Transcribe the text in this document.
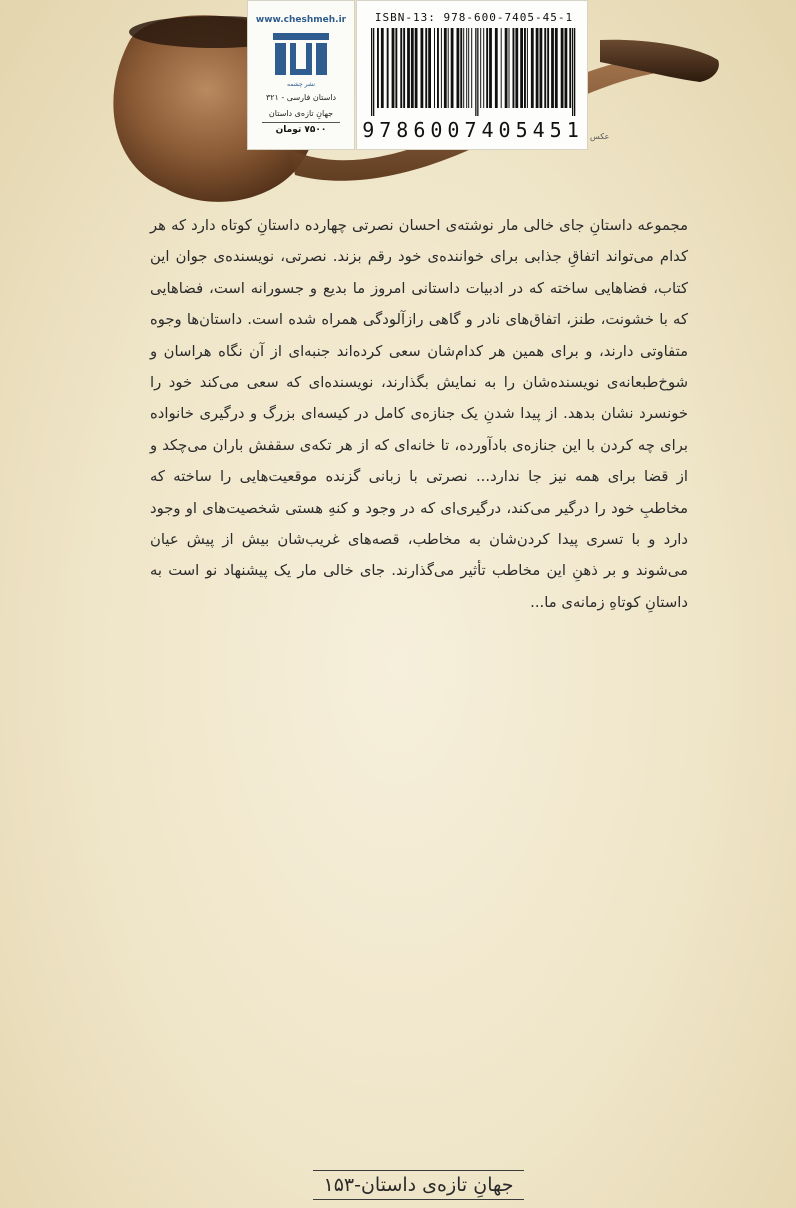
www.cheshmeh.ir
نشر چشمه
داستان فارسی - ۳۲۱
جهانِ تازه‌ی داستان
۷۵۰۰ تومان
ISBN-13: 978-600-7405-45-1
9786007405451 عکس

مجموعه داستانِ جای خالی مار نوشته‌ی احسان نصرتی چهارده داستانِ کوتاه دارد که هر کدام می‌تواند اتفاقِ جذابی برای خواننده‌ی خود رقم بزند. نصرتی، نویسنده‌ی جوان این کتاب، فضاهایی ساخته که در ادبیات داستانی امروز ما بدیع و جسورانه است، فضاهایی که با خشونت، طنز، اتفاق‌های نادر و گاهی رازآلودگی همراه شده است. داستان‌ها وجوه متفاوتی دارند، و برای همین هر کدام‌شان سعی کرده‌اند جنبه‌ای از آن نگاه هراسان و شوخ‌طبعانه‌ی نویسنده‌شان را به نمایش بگذارند، نویسنده‌ای که سعی می‌کند خود را خونسرد نشان بدهد. از پیدا شدنِ یک جنازه‌ی کامل در کیسه‌ای بزرگ و درگیری خانواده برای چه کردن با این جنازه‌ی بادآورده، تا خانه‌ای که از هر تکه‌ی سقفش باران می‌چکد و از قضا برای همه نیز جا ندارد... نصرتی با زبانی گزنده موقعیت‌هایی را ساخته که مخاطبِ خود را درگیر می‌کند، درگیری‌ای که در وجود و کنهِ هستی شخصیت‌های او وجود دارد و با تسری پیدا کردن‌شان به مخاطب، قصه‌های غریب‌شان بیش از پیش عیان می‌شوند و بر ذهنِ این مخاطب تأثیر می‌گذارند. جای خالی مار یک پیشنهاد نو است به داستانِ کوتاهِ زمانه‌ی ما...

جهانِ تازه‌ی داستان-۱۵۳
